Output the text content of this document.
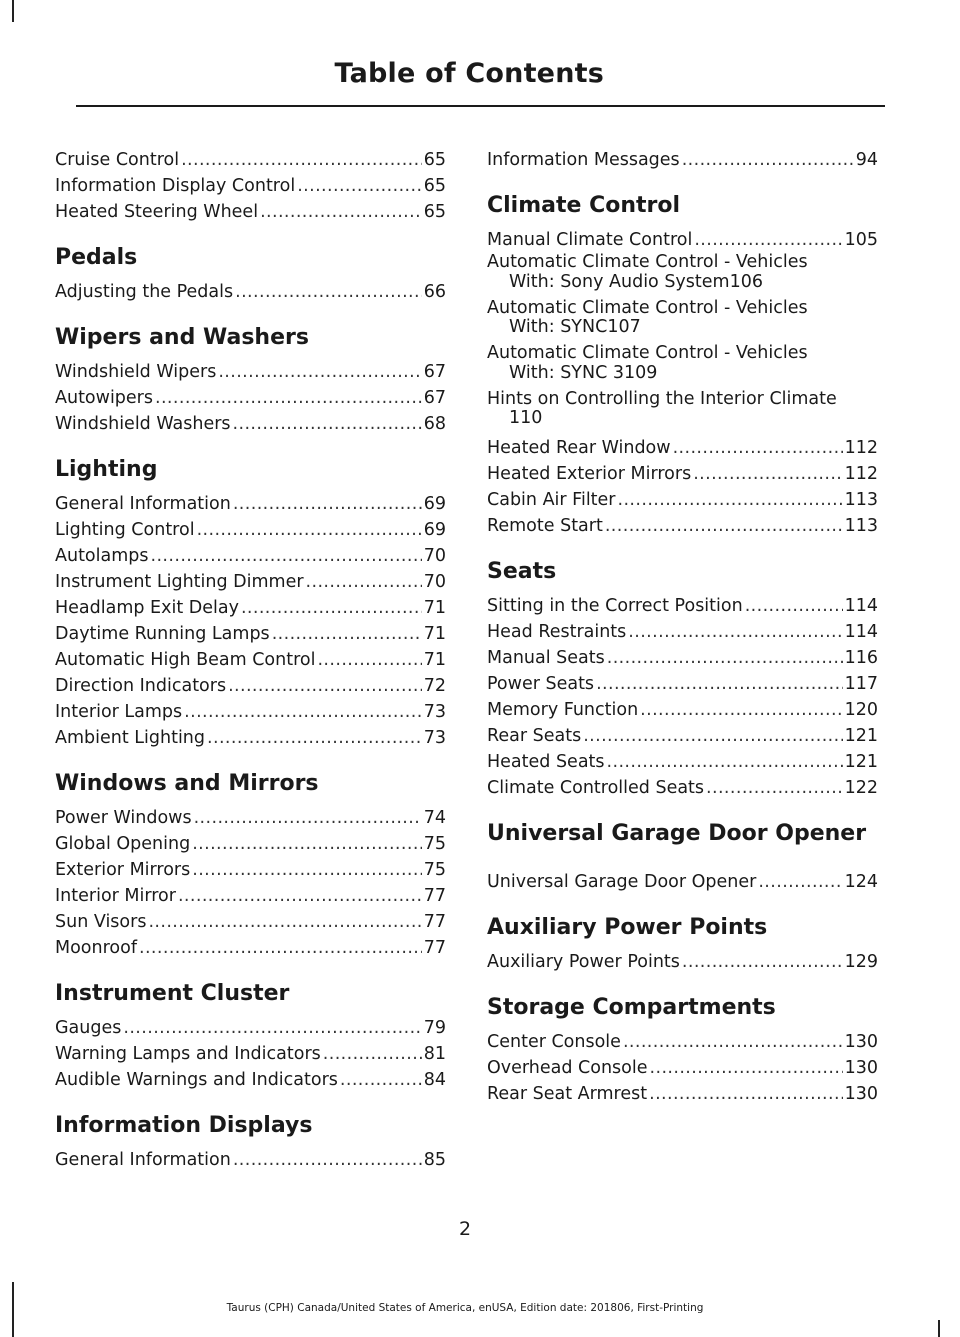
Table of Contents
Cruise Control .....	65
Information Display Control .....	65
Heated Steering Wheel .....	65
Pedals
Adjusting the Pedals .....	66
Wipers and Washers
Windshield Wipers .....	67
Autowipers .....	67
Windshield Washers .....	68
Lighting
General Information .....	69
Lighting Control .....	69
Autolamps .....	70
Instrument Lighting Dimmer .....	70
Headlamp Exit Delay .....	71
Daytime Running Lamps .....	71
Automatic High Beam Control .....	71
Direction Indicators .....	72
Interior Lamps .....	73
Ambient Lighting .....	73
Windows and Mirrors
Power Windows .....	74
Global Opening .....	75
Exterior Mirrors .....	75
Interior Mirror .....	77
Sun Visors .....	77
Moonroof .....	77
Instrument Cluster
Gauges .....	79
Warning Lamps and Indicators .....	81
Audible Warnings and Indicators .....	84
Information Displays
General Information .....	85
Information Messages .....	94
Climate Control
Manual Climate Control .....	105
Automatic Climate Control - Vehicles
With: Sony Audio System 106
Automatic Climate Control - Vehicles
With: SYNC 107
Automatic Climate Control - Vehicles
With: SYNC 3 109
Hints on Controlling the Interior Climate
110
Heated Rear Window .....	112
Heated Exterior Mirrors .....	112
Cabin Air Filter .....	113
Remote Start .....	113
Seats
Sitting in the Correct Position .....	114
Head Restraints .....	114
Manual Seats .....	116
Power Seats .....	117
Memory Function .....	120
Rear Seats .....	121
Heated Seats .....	121
Climate Controlled Seats .....	122
Universal Garage Door Opener
Universal Garage Door Opener .....	124
Auxiliary Power Points
Auxiliary Power Points .....	129
Storage Compartments
Center Console .....	130
Overhead Console .....	130
Rear Seat Armrest .....	130
2
Taurus (CPH) Canada/United States of America, enUSA, Edition date: 201806, First-Printing
